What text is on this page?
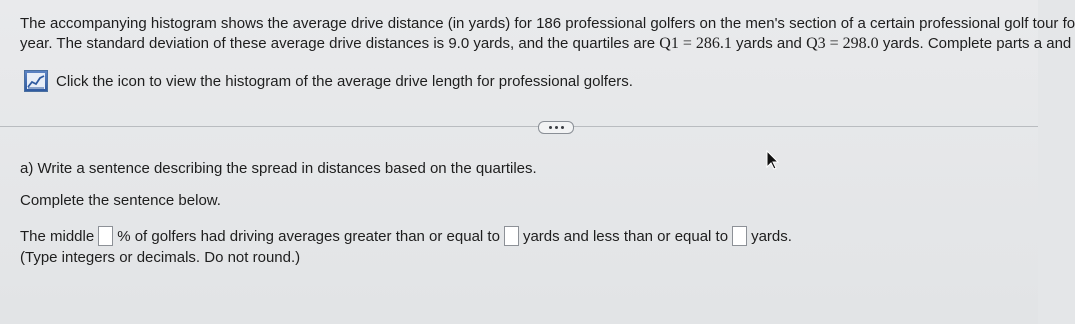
The accompanying histogram shows the average drive distance (in yards) for 186 professional golfers on the men's section of a certain professional golf tour fo
year. The standard deviation of these average drive distances is 9.0 yards, and the quartiles are Q1 = 286.1 yards and Q3 = 298.0 yards. Complete parts a and
Click the icon to view the histogram of the average drive length for professional golfers.
a) Write a sentence describing the spread in distances based on the quartiles.
Complete the sentence below.
The middle % of golfers had driving averages greater than or equal to yards and less than or equal to yards.
(Type integers or decimals. Do not round.)
